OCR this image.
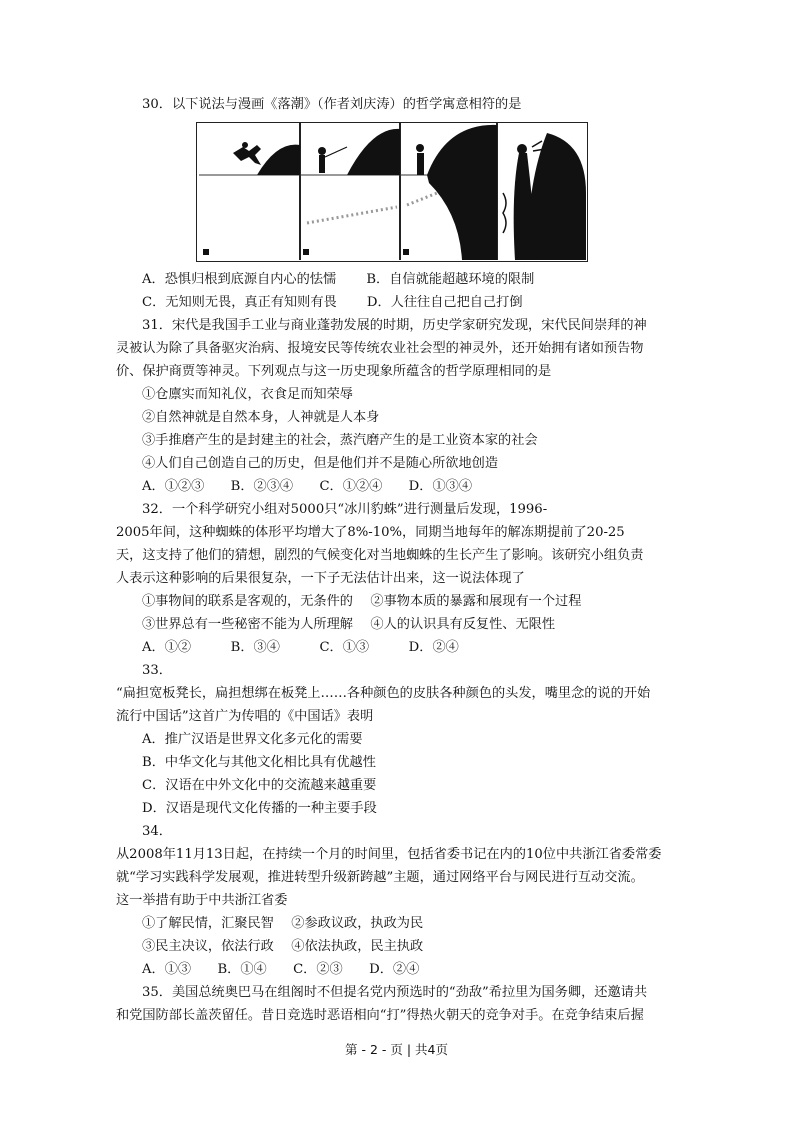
30．以下说法与漫画《落潮》（作者刘庆涛）的哲学寓意相符的是
A．恐惧归根到底源自内心的怯懦 B．自信就能超越环境的限制
C．无知则无畏，真正有知则有畏 D．人往往自己把自己打倒
31．宋代是我国手工业与商业蓬勃发展的时期，历史学家研究发现，宋代民间崇拜的神
灵被认为除了具备驱灾治病、报境安民等传统农业社会型的神灵外，还开始拥有诸如预告物
价、保护商贾等神灵。下列观点与这一历史现象所蕴含的哲学原理相同的是
①仓廪实而知礼仪，衣食足而知荣辱
②自然神就是自然本身，人神就是人本身
③手推磨产生的是封建主的社会，蒸汽磨产生的是工业资本家的社会
④人们自己创造自己的历史，但是他们并不是随心所欲地创造
A．①②③　　B．②③④　　C．①②④　　D．①③④
32．一个科学研究小组对5000只“冰川豹蛛”进行测量后发现，1996-
2005年间，这种蜘蛛的体形平均增大了8%-10%，同期当地每年的解冻期提前了20-25
天，这支持了他们的猜想，剧烈的气候变化对当地蜘蛛的生长产生了影响。该研究小组负责
人表示这种影响的后果很复杂，一下子无法估计出来，这一说法体现了
①事物间的联系是客观的，无条件的　 ②事物本质的暴露和展现有一个过程
③世界总有一些秘密不能为人所理解　 ④人的认识具有反复性、无限性
A．①②　　　B．③④　　　C．①③　　　D．②④
33．
“扁担宽板凳长，扁担想绑在板凳上……各种颜色的皮肤各种颜色的头发，嘴里念的说的开始
流行中国话”这首广为传唱的《中国话》表明
A．推广汉语是世界文化多元化的需要
B．中华文化与其他文化相比具有优越性
C．汉语在中外文化中的交流越来越重要
D．汉语是现代文化传播的一种主要手段
34．
从2008年11月13日起，在持续一个月的时间里，包括省委书记在内的10位中共浙江省委常委
就“学习实践科学发展观，推进转型升级新跨越”主题，通过网络平台与网民进行互动交流。
这一举措有助于中共浙江省委
①了解民情，汇聚民智　 ②参政议政，执政为民
③民主决议，依法行政　 ④依法执政，民主执政
A．①③　　B．①④　　C．②③　　D．②④
35．美国总统奥巴马在组阁时不但提名党内预选时的“劲敌”希拉里为国务卿，还邀请共
和党国防部长盖茨留任。昔日竞选时恶语相向“打”得热火朝天的竞争对手。在竞争结束后握
第 - 2 - 页 | 共4页
